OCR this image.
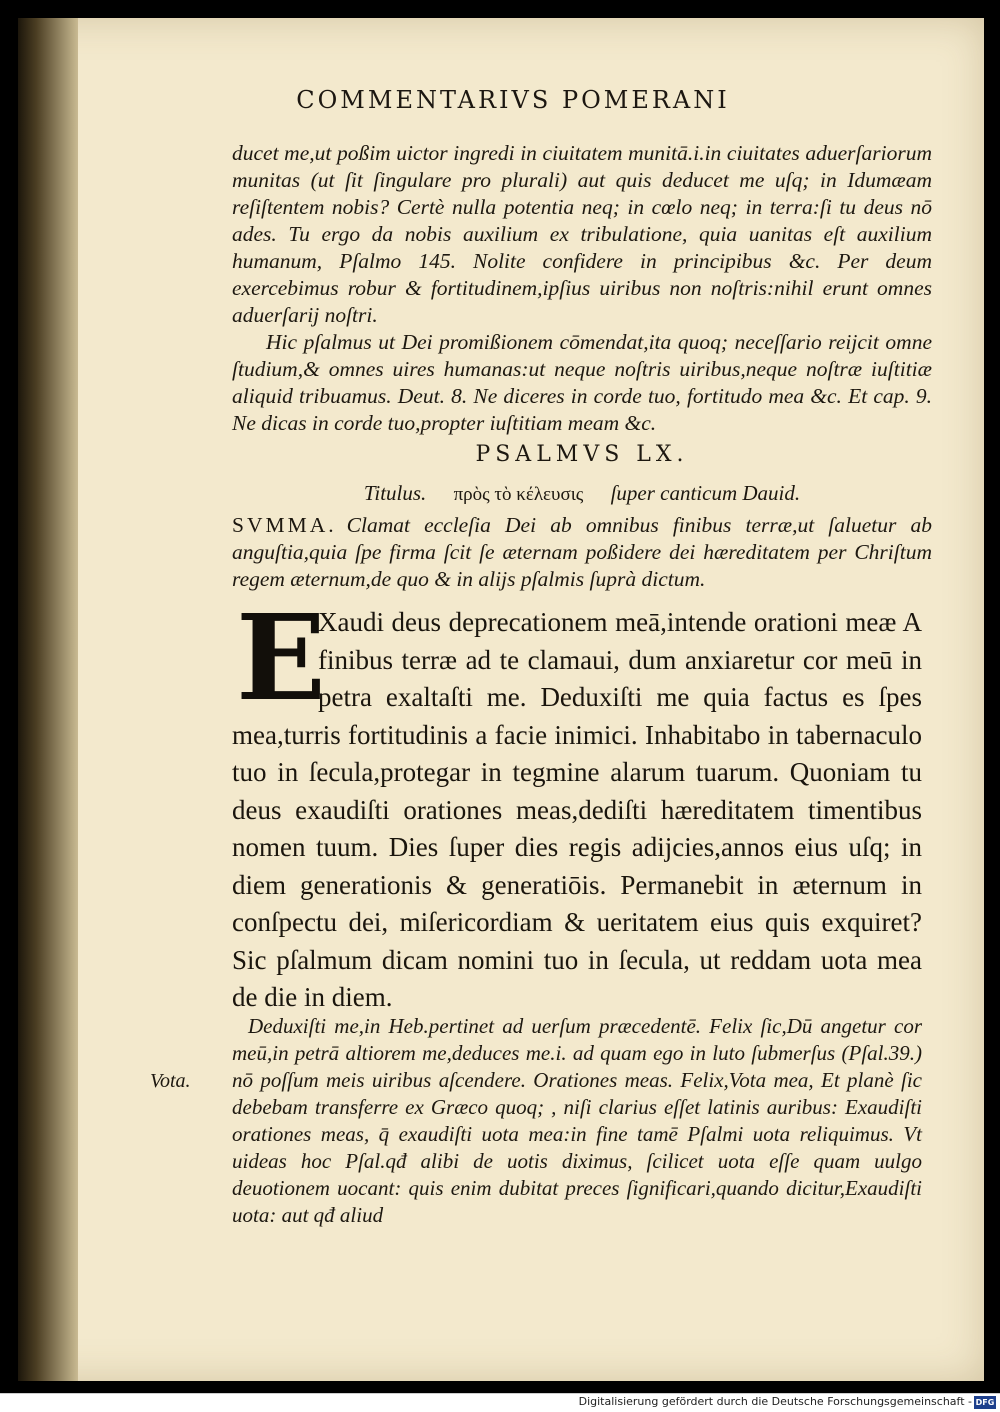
COMMENTARIVS POMERANI

ducet me,ut poßim uictor ingredi in ciuitatem munitā.i.in ciuitates aduerſariorum munitas (ut ſit ſingulare pro plurali) aut quis deducet me uſq; in Idumæam reſiſtentem nobis? Certè nulla potentia neq; in cœlo neq; in terra:ſi tu deus nō ades. Tu ergo da nobis auxilium ex tribulatione, quia uanitas eſt auxilium humanum, Pſalmo 145. Nolite confidere in principibus &c. Per deum exercebimus robur & fortitudinem,ipſius uiribus non noſtris:nihil erunt omnes aduerſarij noſtri.

Hic pſalmus ut Dei promißionem cōmendat,ita quoq; neceſſario reijcit omne ſtudium,& omnes uires humanas:ut neque noſtris uiribus,neque noſtræ iuſtitiæ aliquid tribuamus. Deut. 8. Ne diceres in corde tuo, fortitudo mea &c. Et cap. 9. Ne dicas in corde tuo,propter iuſtitiam meam &c.

PSALMVS LX.
Titulus. πρὸς τὸ κέλευσις ſuper canticum Dauid.
SVMMA. Clamat eccleſia Dei ab omnibus finibus terræ,ut ſaluetur ab anguſtia,quia ſpe firma ſcit ſe æternam poßidere dei hæreditatem per Chriſtum regem æternum,de quo & in alijs pſalmis ſuprà dictum.
E
Xaudi deus deprecationem meā,intende orationi meæ A finibus terræ ad te clamaui, dum anxiaretur cor meū in petra exaltaſti me. Deduxiſti me quia factus es ſpes mea,turris fortitudinis a facie inimici. Inhabitabo in tabernaculo tuo in ſecula,protegar in tegmine alarum tuarum. Quoniam tu deus exaudiſti orationes meas,dediſti hæreditatem timentibus nomen tuum. Dies ſuper dies regis adijcies,annos eius uſq; in diem generationis & generatiōis. Permanebit in æternum in conſpectu dei, miſericordiam & ueritatem eius quis exquiret? Sic pſalmum dicam nomini tuo in ſecula, ut reddam uota mea de die in diem.
Vota.

Deduxiſti me,in Heb.pertinet ad uerſum præcedentē. Felix ſic,Dū angetur cor meū,in petrā altiorem me,deduces me.i. ad quam ego in luto ſubmerſus (Pſal.39.) nō poſſum meis uiribus aſcendere. Orationes meas. Felix,Vota mea, Et planè ſic debebam transferre ex Græco quoq; , niſi clarius eſſet latinis auribus: Exaudiſti orationes meas, q̄ exaudiſti uota mea:in fine tamē Pſalmi uota reliquimus. Vt uideas hoc Pſal.qđ alibi de uotis diximus, ſcilicet uota eſſe quam uulgo deuotionem uocant: quis enim dubitat preces ſignificari,quando dicitur,Exaudiſti uota: aut qđ aliud

Digitalisierung gefördert durch die Deutsche Forschungsgemeinschaft - DFG
